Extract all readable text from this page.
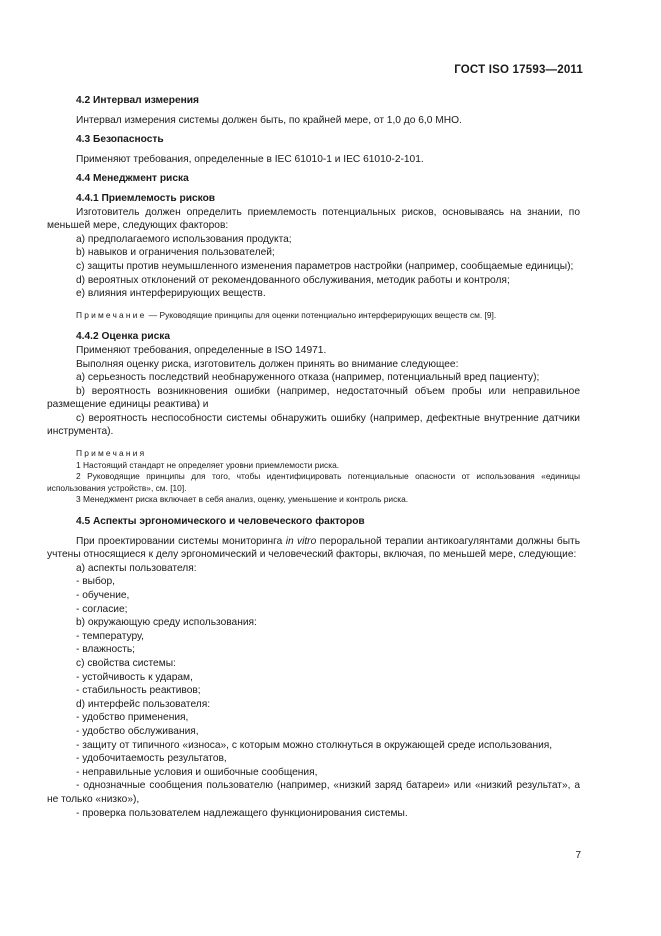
ГОСТ ISO 17593—2011
4.2 Интервал измерения
Интервал измерения системы должен быть, по крайней мере, от 1,0 до 6,0 МНО.
4.3 Безопасность
Применяют требования, определенные в IEC 61010-1 и IEC 61010-2-101.
4.4 Менеджмент риска
4.4.1 Приемлемость рисков
Изготовитель должен определить приемлемость потенциальных рисков, основываясь на знании, по меньшей мере, следующих факторов:
а) предполагаемого использования продукта;
b) навыков и ограничения пользователей;
c) защиты против неумышленного изменения параметров настройки (например, сообщаемые единицы);
d) вероятных отклонений от рекомендованного обслуживания, методик работы и контроля;
e) влияния интерферирующих веществ.
Примечание — Руководящие принципы для оценки потенциально интерферирующих веществ см. [9].
4.4.2 Оценка риска
Применяют требования, определенные в ISO 14971.
Выполняя оценку риска, изготовитель должен принять во внимание следующее:
а) серьезность последствий необнаруженного отказа (например, потенциальный вред пациенту);
b) вероятность возникновения ошибки (например, недостаточный объем пробы или неправильное размещение единицы реактива) и
c) вероятность неспособности системы обнаружить ошибку (например, дефектные внутренние датчики инструмента).
Примечания
1 Настоящий стандарт не определяет уровни приемлемости риска.
2 Руководящие принципы для того, чтобы идентифицировать потенциальные опасности от использования «единицы использования устройств», см. [10].
3 Менеджмент риска включает в себя анализ, оценку, уменьшение и контроль риска.
4.5 Аспекты эргономического и человеческого факторов
При проектировании системы мониторинга in vitro пероральной терапии антикоагулянтами должны быть учтены относящиеся к делу эргономический и человеческий факторы, включая, по меньшей мере, следующие:
а) аспекты пользователя:
- выбор,
- обучение,
- согласие;
b) окружающую среду использования:
- температуру,
- влажность;
c) свойства системы:
- устойчивость к ударам,
- стабильность реактивов;
d) интерфейс пользователя:
- удобство применения,
- удобство обслуживания,
- защиту от типичного «износа», с которым можно столкнуться в окружающей среде использования,
- удобочитаемость результатов,
- неправильные условия и ошибочные сообщения,
- однозначные сообщения пользователю (например, «низкий заряд батареи» или «низкий результат», а не только «низко»),
- проверка пользователем надлежащего функционирования системы.
7
